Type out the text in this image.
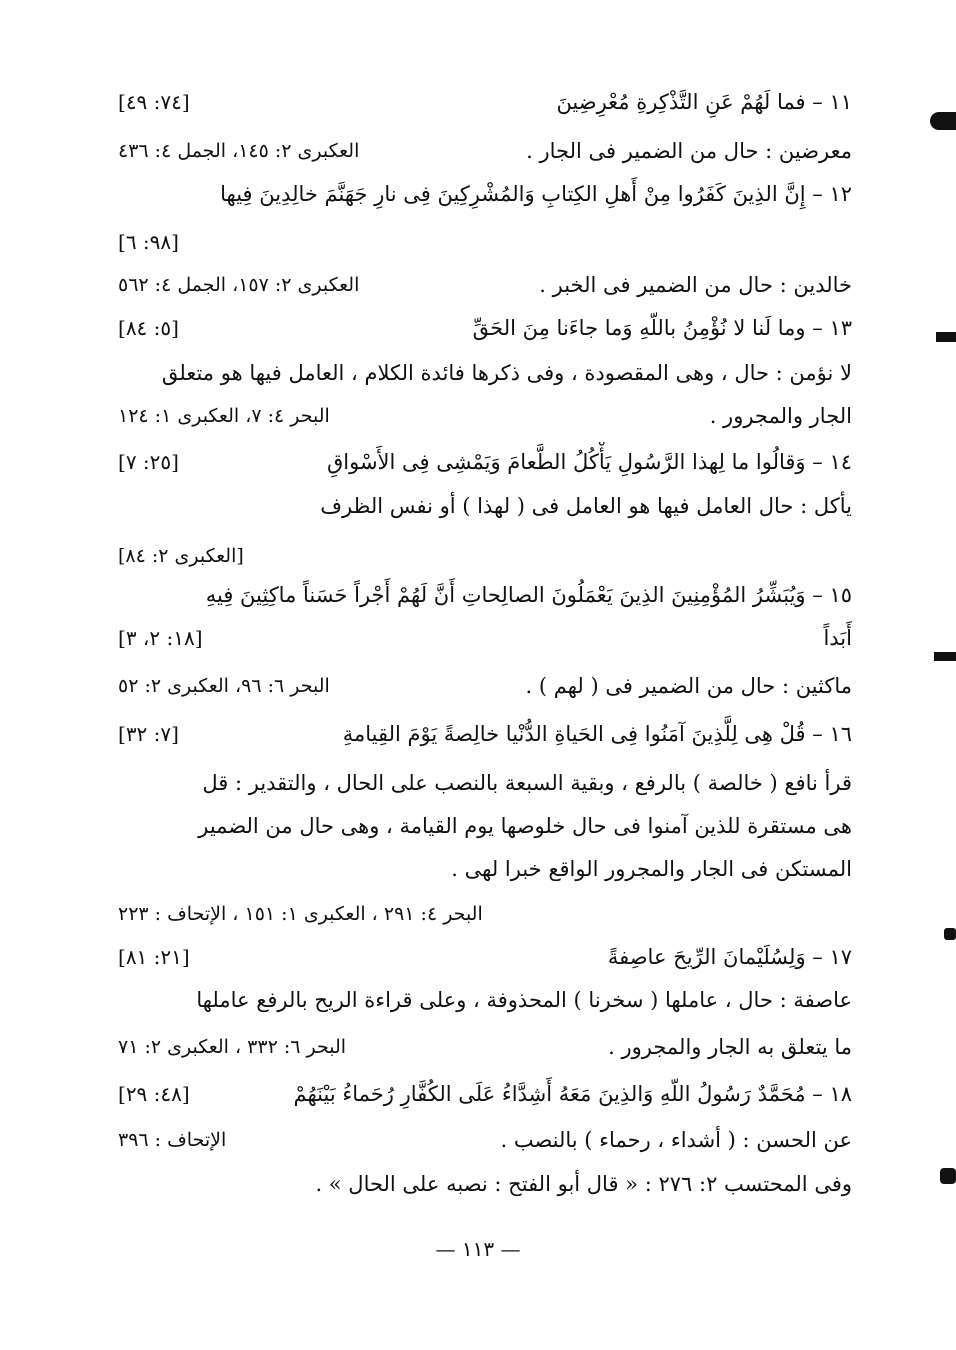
١١ – فما لَهُمْ عَنِ التَّذْكِرةِ مُعْرِضِينَ
[٧٤: ٤٩]
معرضين : حال من الضمير فى الجار .
العكبرى ٢: ١٤٥، الجمل ٤: ٤٣٦
١٢ – إِنَّ الذِينَ كَفَرُوا مِنْ أَهلِ الكِتابِ وَالمُشْرِكِينَ فِى نارِ جَهَنَّمَ خالِدِينَ فِيها
[٩٨: ٦]
خالدين : حال من الضمير فى الخبر .
العكبرى ٢: ١٥٧، الجمل ٤: ٥٦٢
١٣ – وما لَنا لا نُؤْمِنُ باللّهِ وَما جاءَنا مِنَ الحَقِّ
[٥: ٨٤]
لا نؤمن : حال ، وهى المقصودة ، وفى ذكرها فائدة الكلام ، العامل فيها هو متعلق
الجار والمجرور .
البحر ٤: ٧، العكبرى ١: ١٢٤
١٤ – وَقالُوا ما لِهذا الرَّسُولِ يَأْكُلُ الطَّعامَ وَيَمْشِى فِى الأَسْواقِ
[٢٥: ٧]
يأكل : حال العامل فيها هو العامل فى ( لهذا ) أو نفس الظرف
[العكبرى ٢: ٨٤]
١٥ – وَيُبَشِّرُ المُؤْمِنِينَ الذِينَ يَعْمَلُونَ الصالِحاتِ أَنَّ لَهُمْ أَجْراً حَسَناً ماكِثِينَ فِيهِ
أَبَداً
[١٨: ٢، ٣]
ماكثين : حال من الضمير فى ( لهم ) .
البحر ٦: ٩٦، العكبرى ٢: ٥٢
١٦ – قُلْ هِى لِلَّذِينَ آمَنُوا فِى الحَياةِ الدُّنْيا خالِصةً يَوْمَ القِيامةِ
[٧: ٣٢]
قرأ نافع ( خالصة ) بالرفع ، وبقية السبعة بالنصب على الحال ، والتقدير : قل
هى مستقرة للذين آمنوا فى حال خلوصها يوم القيامة ، وهى حال من الضمير
المستكن فى الجار والمجرور الواقع خبرا لهى .
البحر ٤: ٢٩١ ، العكبرى ١: ١٥١ ، الإتحاف : ٢٢٣
١٧ – وَلِسُلَيْمانَ الرِّيحَ عاصِفةً
[٢١: ٨١]
عاصفة : حال ، عاملها ( سخرنا ) المحذوفة ، وعلى قراءة الريح بالرفع عاملها
ما يتعلق به الجار والمجرور .
البحر ٦: ٣٣٢ ، العكبرى ٢: ٧١
١٨ – مُحَمَّدٌ رَسُولُ اللّهِ وَالذِينَ مَعَهُ أَشِدَّاءُ عَلَى الكُفَّارِ رُحَماءُ بَيْنَهُمْ
[٤٨: ٢٩]
عن الحسن : ( أشداء ، رحماء ) بالنصب .
الإتحاف : ٣٩٦
وفى المحتسب ٢: ٢٧٦ : « قال أبو الفتح : نصبه على الحال » .
— ١١٣ —
